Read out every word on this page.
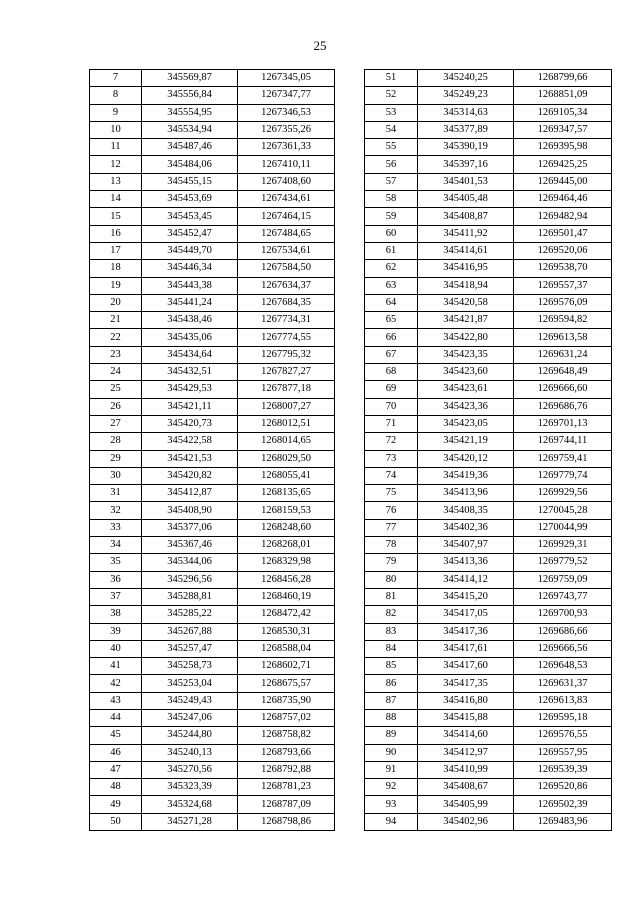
25
7	345569,87	1267345,05
8	345556,84	1267347,77
9	345554,95	1267346,53
10	345534,94	1267355,26
11	345487,46	1267361,33
12	345484,06	1267410,11
13	345455,15	1267408,60
14	345453,69	1267434,61
15	345453,45	1267464,15
16	345452,47	1267484,65
17	345449,70	1267534,61
18	345446,34	1267584,50
19	345443,38	1267634,37
20	345441,24	1267684,35
21	345438,46	1267734,31
22	345435,06	1267774,55
23	345434,64	1267795,32
24	345432,51	1267827,27
25	345429,53	1267877,18
26	345421,11	1268007,27
27	345420,73	1268012,51
28	345422,58	1268014,65
29	345421,53	1268029,50
30	345420,82	1268055,41
31	345412,87	1268135,65
32	345408,90	1268159,53
33	345377,06	1268248,60
34	345367,46	1268268,01
35	345344,06	1268329,98
36	345296,56	1268456,28
37	345288,81	1268460,19
38	345285,22	1268472,42
39	345267,88	1268530,31
40	345257,47	1268588,04
41	345258,73	1268602,71
42	345253,04	1268675,57
43	345249,43	1268735,90
44	345247,06	1268757,02
45	345244,80	1268758,82
46	345240,13	1268793,66
47	345270,56	1268792,88
48	345323,39	1268781,23
49	345324,68	1268787,09
50	345271,28	1268798,86
51	345240,25	1268799,66
52	345249,23	1268851,09
53	345314,63	1269105,34
54	345377,89	1269347,57
55	345390,19	1269395,98
56	345397,16	1269425,25
57	345401,53	1269445,00
58	345405,48	1269464,46
59	345408,87	1269482,94
60	345411,92	1269501,47
61	345414,61	1269520,06
62	345416,95	1269538,70
63	345418,94	1269557,37
64	345420,58	1269576,09
65	345421,87	1269594,82
66	345422,80	1269613,58
67	345423,35	1269631,24
68	345423,60	1269648,49
69	345423,61	1269666,60
70	345423,36	1269686,76
71	345423,05	1269701,13
72	345421,19	1269744,11
73	345420,12	1269759,41
74	345419,36	1269779,74
75	345413,96	1269929,56
76	345408,35	1270045,28
77	345402,36	1270044,99
78	345407,97	1269929,31
79	345413,36	1269779,52
80	345414,12	1269759,09
81	345415,20	1269743,77
82	345417,05	1269700,93
83	345417,36	1269686,66
84	345417,61	1269666,56
85	345417,60	1269648,53
86	345417,35	1269631,37
87	345416,80	1269613,83
88	345415,88	1269595,18
89	345414,60	1269576,55
90	345412,97	1269557,95
91	345410,99	1269539,39
92	345408,67	1269520,86
93	345405,99	1269502,39
94	345402,96	1269483,96
